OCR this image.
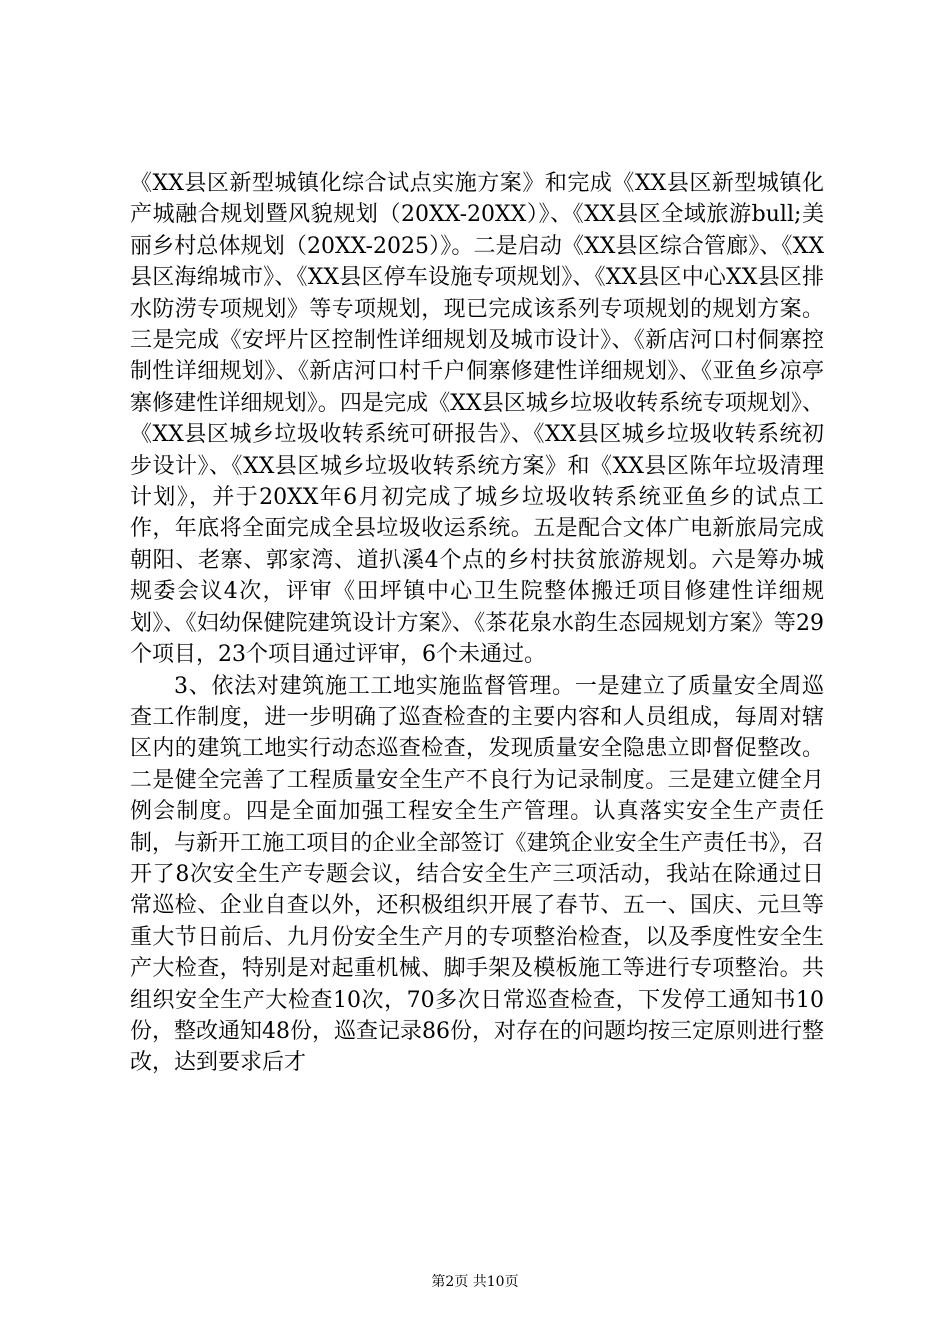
《XX县区新型城镇化综合试点实施方案》和完成《XX县区新型城镇化产城融合规划暨风貌规划（20XX-20XX）》、《XX县区全域旅游bull;美丽乡村总体规划（20XX-2025）》。二是启动《XX县区综合管廊》、《XX县区海绵城市》、《XX县区停车设施专项规划》、《XX县区中心XX县区排水防涝专项规划》等专项规划，现已完成该系列专项规划的规划方案。三是完成《安坪片区控制性详细规划及城市设计》、《新店河口村侗寨控制性详细规划》、《新店河口村千户侗寨修建性详细规划》、《亚鱼乡凉亭寨修建性详细规划》。四是完成《XX县区城乡垃圾收转系统专项规划》、《XX县区城乡垃圾收转系统可研报告》、《XX县区城乡垃圾收转系统初步设计》、《XX县区城乡垃圾收转系统方案》和《XX县区陈年垃圾清理计划》，并于20XX年6月初完成了城乡垃圾收转系统亚鱼乡的试点工作，年底将全面完成全县垃圾收运系统。五是配合文体广电新旅局完成朝阳、老寨、郭家湾、道扒溪4个点的乡村扶贫旅游规划。六是筹办城规委会议4次，评审《田坪镇中心卫生院整体搬迁项目修建性详细规划》、《妇幼保健院建筑设计方案》、《茶花泉水韵生态园规划方案》等29个项目，23个项目通过评审，6个未通过。

3、依法对建筑施工工地实施监督管理。一是建立了质量安全周巡查工作制度，进一步明确了巡查检查的主要内容和人员组成，每周对辖区内的建筑工地实行动态巡查检查，发现质量安全隐患立即督促整改。二是健全完善了工程质量安全生产不良行为记录制度。三是建立健全月例会制度。四是全面加强工程安全生产管理。认真落实安全生产责任制，与新开工施工项目的企业全部签订《建筑企业安全生产责任书》，召开了8次安全生产专题会议，结合安全生产三项活动，我站在除通过日常巡检、企业自查以外，还积极组织开展了春节、五一、国庆、元旦等重大节日前后、九月份安全生产月的专项整治检查，以及季度性安全生产大检查，特别是对起重机械、脚手架及模板施工等进行专项整治。共组织安全生产大检查10次，70多次日常巡查检查，下发停工通知书10份，整改通知48份，巡查记录86份，对存在的问题均按三定原则进行整改，达到要求后才

第2页 共10页
